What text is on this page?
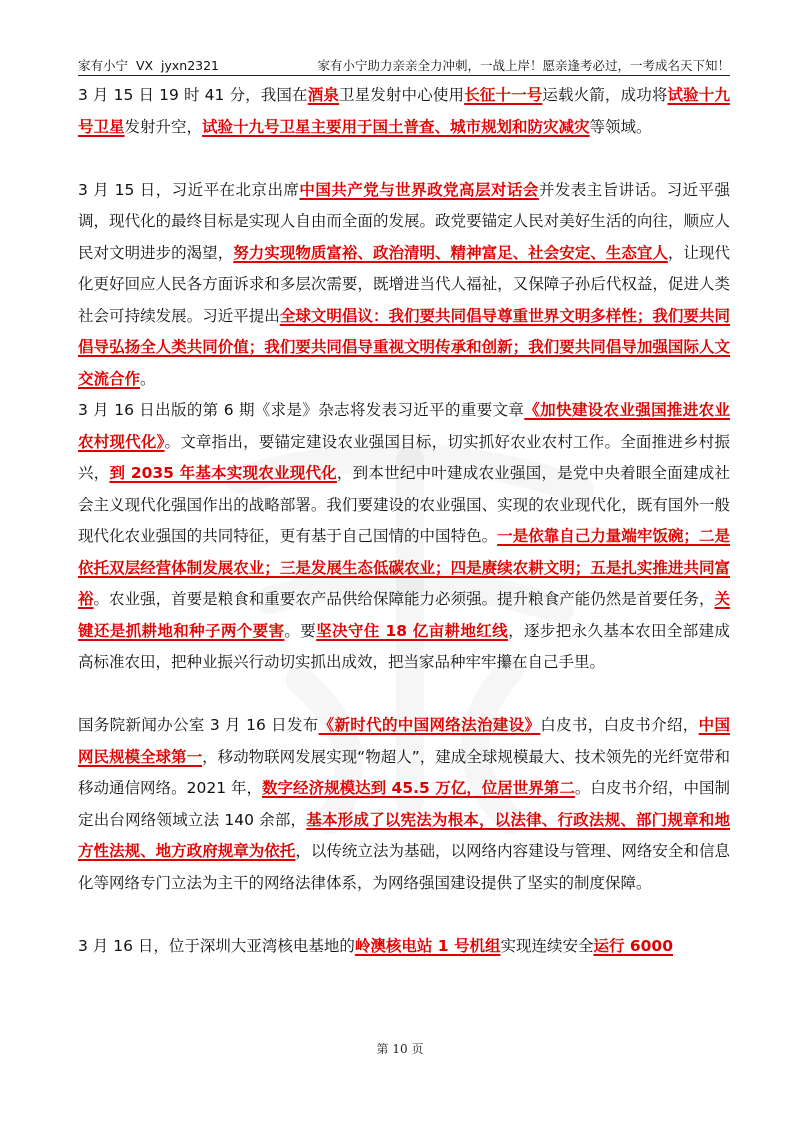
家有小宁  VX  jyxn2321	家有小宁助力亲亲全力冲刺，一战上岸！愿亲逢考必过，一考成名天下知！

3 月 15 日 19 时 41 分，我国在酒泉卫星发射中心使用长征十一号运载火箭，成功将试验十九号卫星发射升空，试验十九号卫星主要用于国土普查、城市规划和防灾减灾等领域。

3 月 15 日，习近平在北京出席中国共产党与世界政党高层对话会并发表主旨讲话。习近平强调，现代化的最终目标是实现人自由而全面的发展。政党要锚定人民对美好生活的向往，顺应人民对文明进步的渴望，努力实现物质富裕、政治清明、精神富足、社会安定、生态宜人，让现代化更好回应人民各方面诉求和多层次需要，既增进当代人福祉，又保障子孙后代权益，促进人类社会可持续发展。习近平提出全球文明倡议：我们要共同倡导尊重世界文明多样性；我们要共同倡导弘扬全人类共同价值；我们要共同倡导重视文明传承和创新；我们要共同倡导加强国际人文交流合作。

3 月 16 日出版的第 6 期《求是》杂志将发表习近平的重要文章《加快建设农业强国推进农业农村现代化》。文章指出，要锚定建设农业强国目标，切实抓好农业农村工作。全面推进乡村振兴，到 2035 年基本实现农业现代化，到本世纪中叶建成农业强国，是党中央着眼全面建成社会主义现代化强国作出的战略部署。我们要建设的农业强国、实现的农业现代化，既有国外一般现代化农业强国的共同特征，更有基于自己国情的中国特色。一是依靠自己力量端牢饭碗；二是依托双层经营体制发展农业；三是发展生态低碳农业；四是赓续农耕文明；五是扎实推进共同富裕。农业强，首要是粮食和重要农产品供给保障能力必须强。提升粮食产能仍然是首要任务，关键还是抓耕地和种子两个要害。要坚决守住 18 亿亩耕地红线，逐步把永久基本农田全部建成高标准农田，把种业振兴行动切实抓出成效，把当家品种牢牢攥在自己手里。

国务院新闻办公室 3 月 16 日发布《新时代的中国网络法治建设》白皮书，白皮书介绍，中国网民规模全球第一，移动物联网发展实现“物超人”，建成全球规模最大、技术领先的光纤宽带和移动通信网络。2021 年，数字经济规模达到 45.5 万亿，位居世界第二。白皮书介绍，中国制定出台网络领域立法 140 余部，基本形成了以宪法为根本，以法律、行政法规、部门规章和地方性法规、地方政府规章为依托，以传统立法为基础，以网络内容建设与管理、网络安全和信息化等网络专门立法为主干的网络法律体系，为网络强国建设提供了坚实的制度保障。

3 月 16 日，位于深圳大亚湾核电基地的岭澳核电站 1 号机组实现连续安全运行 6000

第 10 页
